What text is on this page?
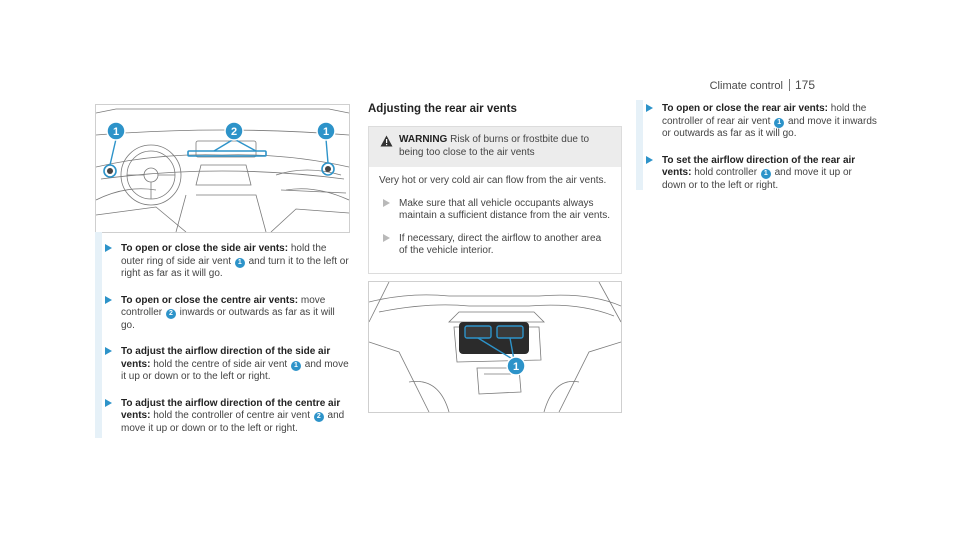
Climate control 175
1	2	1
To open or close the side air vents: hold the outer ring of side air vent 1 and turn it to the left or right as far as it will go.
To open or close the centre air vents: move controller 2 inwards or outwards as far as it will go.
To adjust the airflow direction of the side air vents: hold the centre of side air vent 1 and move it up or down or to the left or right.
To adjust the airflow direction of the centre air vents: hold the controller of centre air vent 2 and move it up or down or to the left or right.
Adjusting the rear air vents
WARNING Risk of burns or frostbite due to being too close to the air vents
Very hot or very cold air can flow from the air vents.
Make sure that all vehicle occupants always maintain a sufficient distance from the air vents.
If necessary, direct the airflow to another area of the vehicle interior.
1
To open or close the rear air vents: hold the controller of rear air vent 1 and move it inwards or outwards as far as it will go.
To set the airflow direction of the rear air vents: hold controller 1 and move it up or down or to the left or right.
